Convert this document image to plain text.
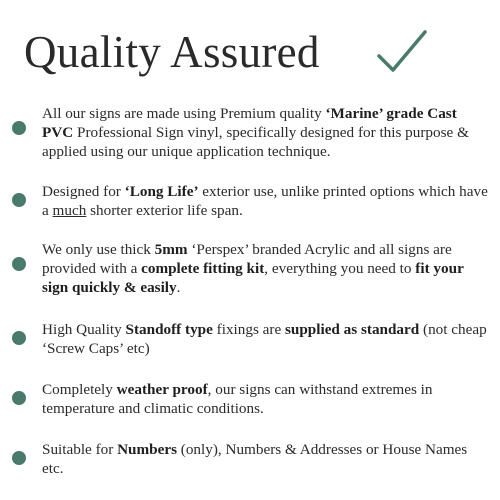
Quality Assured
All our signs are made using Premium quality ‘Marine’ grade Cast PVC Professional Sign vinyl, specifically designed for this purpose & applied using our unique application technique.
Designed for ‘Long Life’ exterior use, unlike printed options which have a much shorter exterior life span.
We only use thick 5mm ‘Perspex’ branded Acrylic and all signs are provided with a complete fitting kit, everything you need to fit your sign quickly & easily.
High Quality Standoff type fixings are supplied as standard (not cheap ‘Screw Caps’ etc)
Completely weather proof, our signs can withstand extremes in temperature and climatic conditions.
Suitable for Numbers (only), Numbers & Addresses or House Names etc.
